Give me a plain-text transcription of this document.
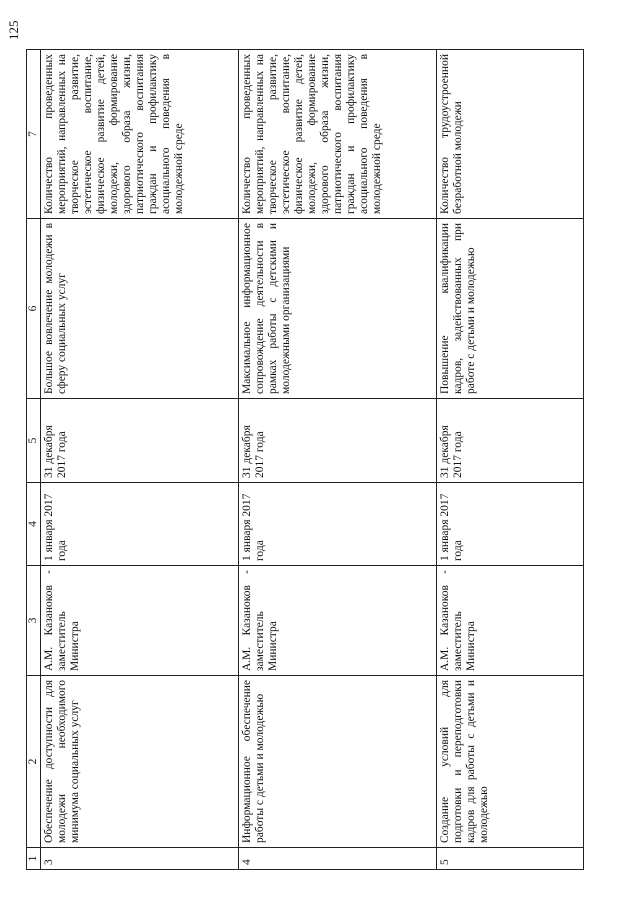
125
1	2	3	4	5	6	7
3	Обеспечение доступности для молодежи необходимого минимума социальных услуг	А.М. Казаноков - заместитель Министра	1 января 2017 года	31 декабря 2017 года	Большое вовлечение молодежи в сферу социальных услуг	Количество проведенных мероприятий, направленных на творческое развитие, эстетическое воспитание, физическое развитие детей, молодежи, формирование здорового образа жизни, патриотического воспитания граждан и профилактику асоциального поведения в молодежной среде
4	Информационное обеспечение работы с детьми и молодежью	А.М. Казаноков - заместитель Министра	1 января 2017 года	31 декабря 2017 года	Максимальное информационное сопровождение деятельности в рамках работы с детскими и молодежными организациями	Количество проведенных мероприятий, направленных на творческое развитие, эстетическое воспитание, физическое развитие детей, молодежи, формирование здорового образа жизни, патриотического воспитания граждан и профилактику асоциального поведения в молодежной среде
5	Создание условий для подготовки и переподготовки кадров для работы с детьми и молодежью	А.М. Казаноков - заместитель Министра	1 января 2017 года	31 декабря 2017 года	Повышение квалификации кадров, задействованных при работе с детьми и молодежью	Количество трудоустроенной безработной молодежи
